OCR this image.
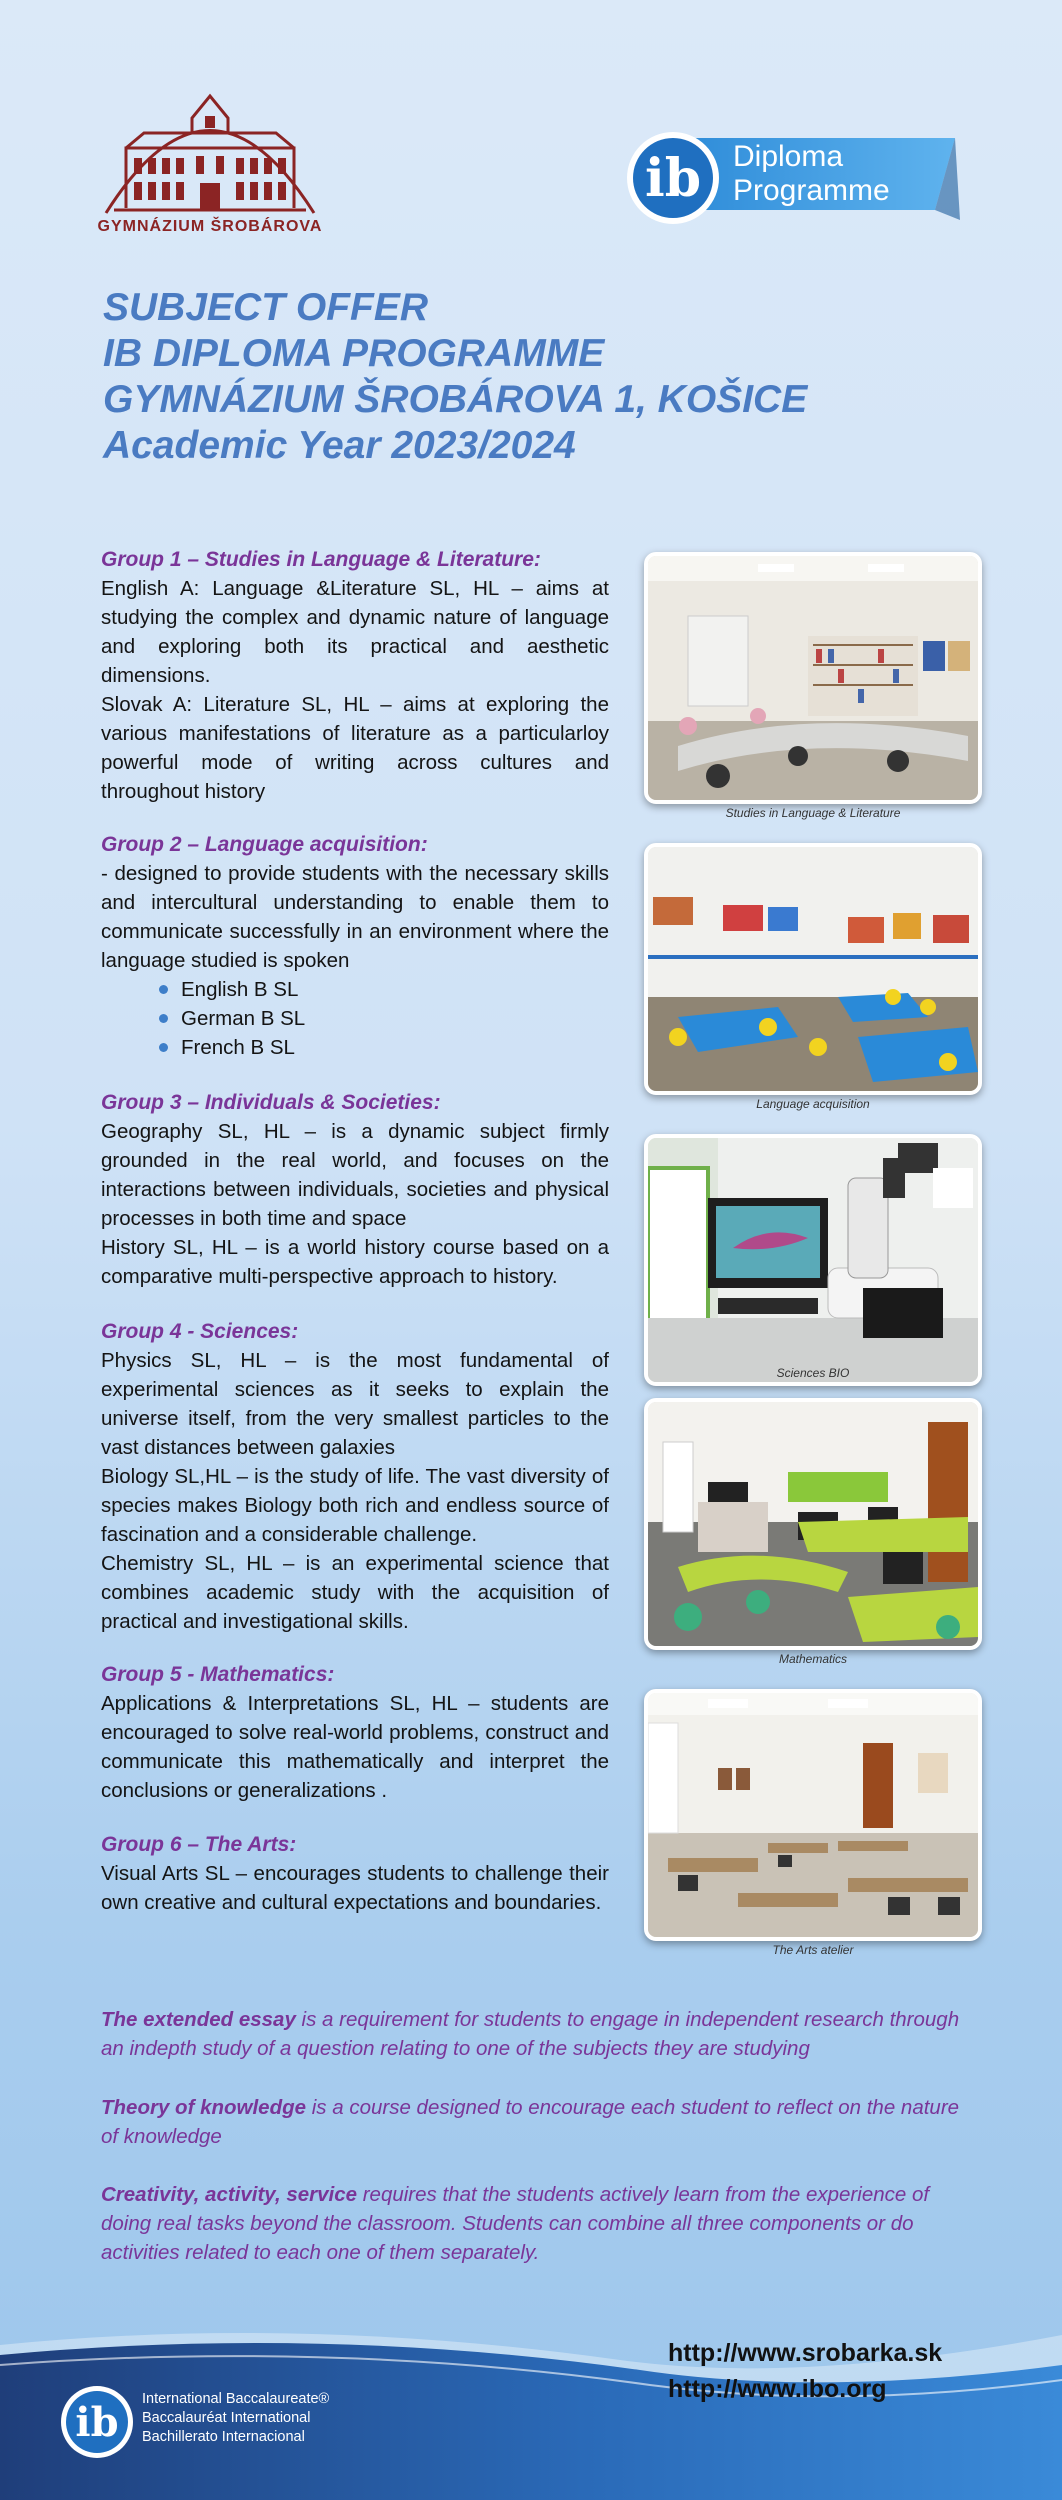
GYMNÁZIUM ŠROBÁROVA
ib Diploma
Programme
SUBJECT OFFER
IB DIPLOMA PROGRAMME
GYMNÁZIUM ŠROBÁROVA 1, KOŠICE
Academic Year 2023/2024
Group 1 – Studies in Language & Literature:

English A: Language &Literature SL, HL – aims at studying the complex and dynamic nature of language and exploring both its practical and aesthetic dimensions.

Slovak A: Literature SL, HL – aims at exploring the various manifestations of literature as a particularloy powerful mode of writing across cultures and throughout history

Group 2 – Language acquisition:

- designed to provide students with the necessary skills and intercultural understanding to enable them to communicate successfully in an environment where the language studied is spoken

English B SL
German B SL
French B SL
Group 3 – Individuals & Societies:

Geography SL, HL – is a dynamic subject firmly grounded in the real world, and focuses on the interactions between individuals, societies and physical processes in both time and space

History SL, HL – is a world history course based on a comparative multi-perspective approach to history.

Group 4 - Sciences:

Physics SL, HL – is the most fundamental of experimental sciences as it seeks to explain the universe itself, from the very smallest particles to the vast distances between galaxies

Biology SL,HL – is the study of life. The vast diversity of species makes Biology both rich and endless source of fascination and a considerable challenge.

Chemistry SL, HL – is an experimental science that combines academic study with the acquisition of practical and investigational skills.

Group 5 - Mathematics:

Applications & Interpretations SL, HL – students are encouraged to solve real-world problems, construct and communicate this mathematically and interpret the conclusions or generalizations .

Group 6 – The Arts:

Visual Arts SL – encourages students to challenge their own creative and cultural expectations and boundaries.

Studies in Language & Literature
Language acquisition
Sciences BIO
Mathematics
The Arts atelier

The extended essay is a requirement for students to engage in independent research through an indepth study of a question relating to one of the subjects they are studying

Theory of knowledge is a course designed to encourage each student to reflect on the nature of knowledge

Creativity, activity, service requires that the students actively learn from the experience of doing real tasks beyond the classroom. Students can combine all three components or do activities related to each one of them separately.

ib International Baccalaureate®
Baccalauréat International
Bachillerato Internacional
http://www.srobarka.sk
http://www.ibo.org
